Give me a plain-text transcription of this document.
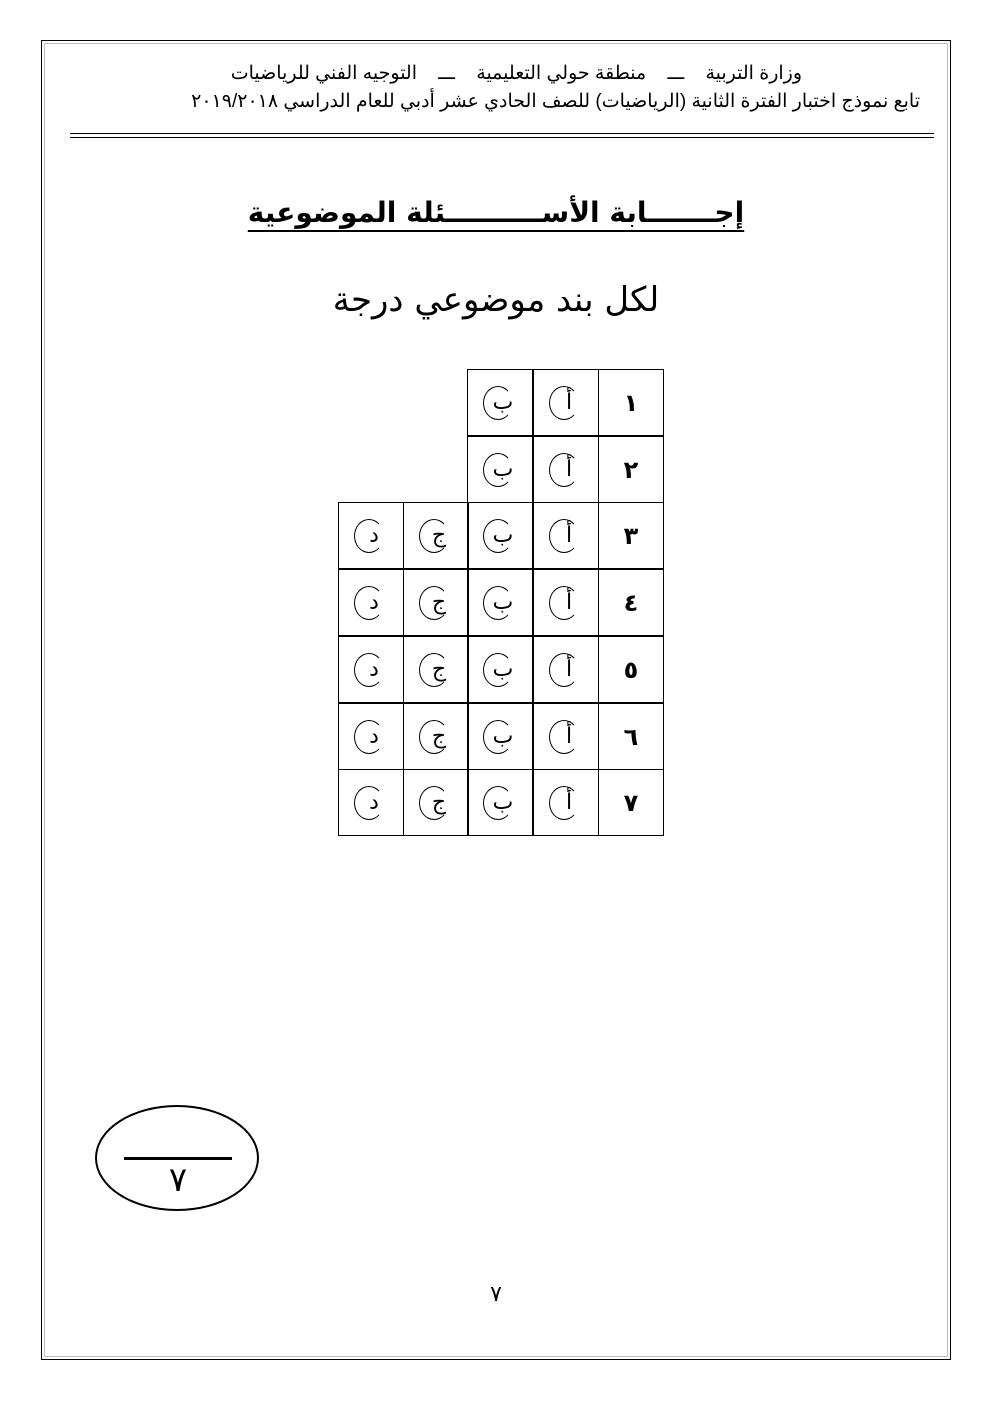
وزارة التربية ـــ منطقة حولي التعليمية ـــ التوجيه الفني للرياضيات
تابع نموذج اختبار الفترة الثانية (الرياضيات) للصف الحادي عشر أدبي للعام الدراسي ٢٠١٩/٢٠١٨
إجـــــــابة الأســــــــــئلة الموضوعية
لكل بند موضوعي درجة
١
أ
ب
٢
أ
ب
٣
أ
ب
ج
د
٤
أ
ب
ج
د
٥
أ
ب
ج
د
٦
أ
ب
ج
د
٧
أ
ب
ج
د
٧
٧
